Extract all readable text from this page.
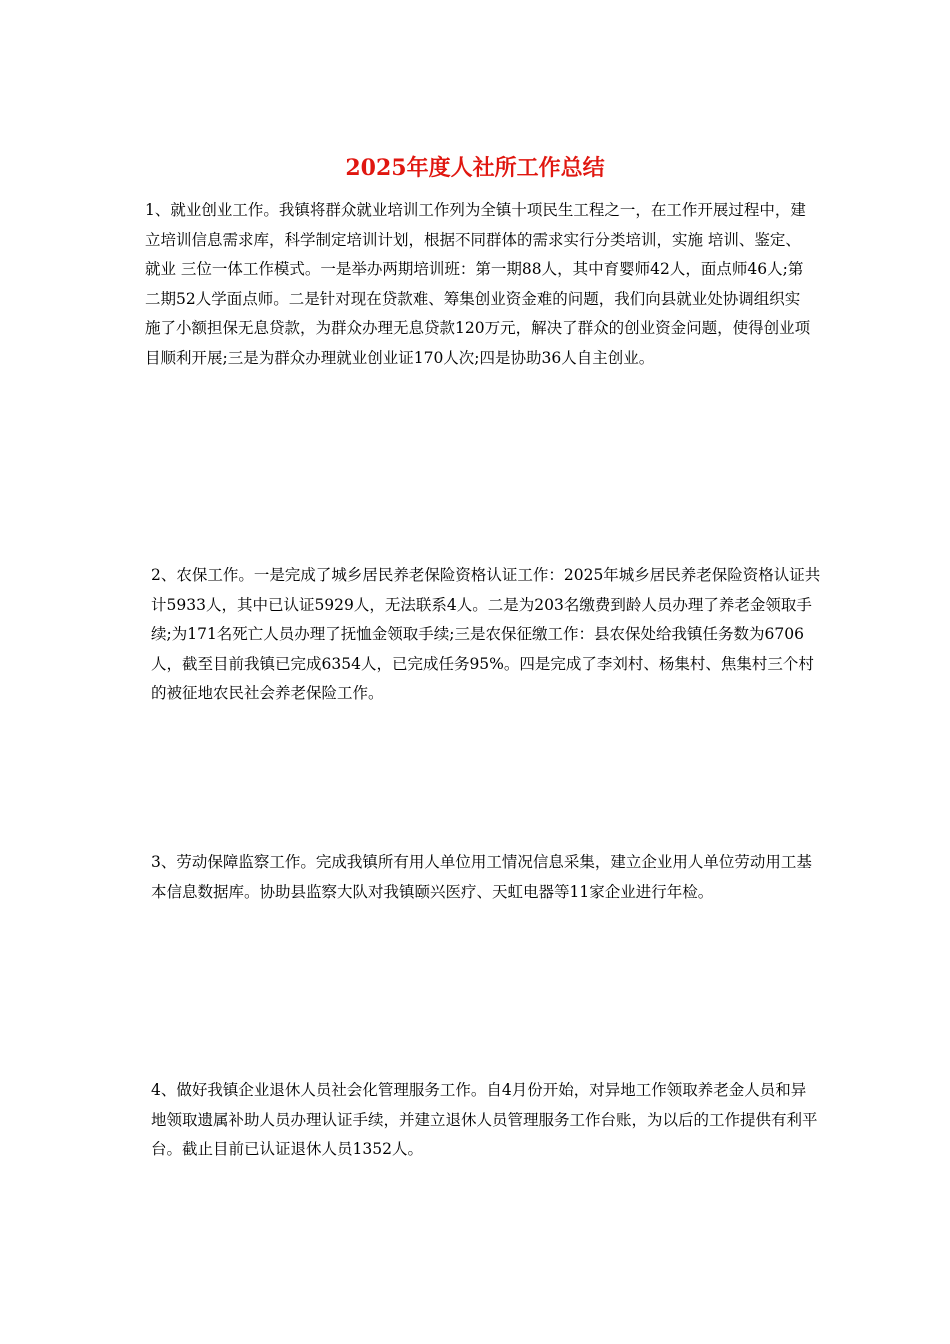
2025年度人社所工作总结

1、就业创业工作。我镇将群众就业培训工作列为全镇十项民生工程之一，在工作开展过程中，建立培训信息需求库，科学制定培训计划，根据不同群体的需求实行分类培训，实施 培训、鉴定、就业 三位一体工作模式。一是举办两期培训班：第一期88人，其中育婴师42人，面点师46人;第二期52人学面点师。二是针对现在贷款难、筹集创业资金难的问题，我们向县就业处协调组织实施了小额担保无息贷款，为群众办理无息贷款120万元，解决了群众的创业资金问题，使得创业项目顺利开展;三是为群众办理就业创业证170人次;四是协助36人自主创业。

2、农保工作。一是完成了城乡居民养老保险资格认证工作：2025年城乡居民养老保险资格认证共计5933人，其中已认证5929人，无法联系4人。二是为203名缴费到龄人员办理了养老金领取手续;为171名死亡人员办理了抚恤金领取手续;三是农保征缴工作：县农保处给我镇任务数为6706人，截至目前我镇已完成6354人，已完成任务95%。四是完成了李刘村、杨集村、焦集村三个村的被征地农民社会养老保险工作。

3、劳动保障监察工作。完成我镇所有用人单位用工情况信息采集，建立企业用人单位劳动用工基本信息数据库。协助县监察大队对我镇颐兴医疗、天虹电器等11家企业进行年检。

4、做好我镇企业退休人员社会化管理服务工作。自4月份开始，对异地工作领取养老金人员和异地领取遗属补助人员办理认证手续，并建立退休人员管理服务工作台账，为以后的工作提供有利平台。截止目前已认证退休人员1352人。
